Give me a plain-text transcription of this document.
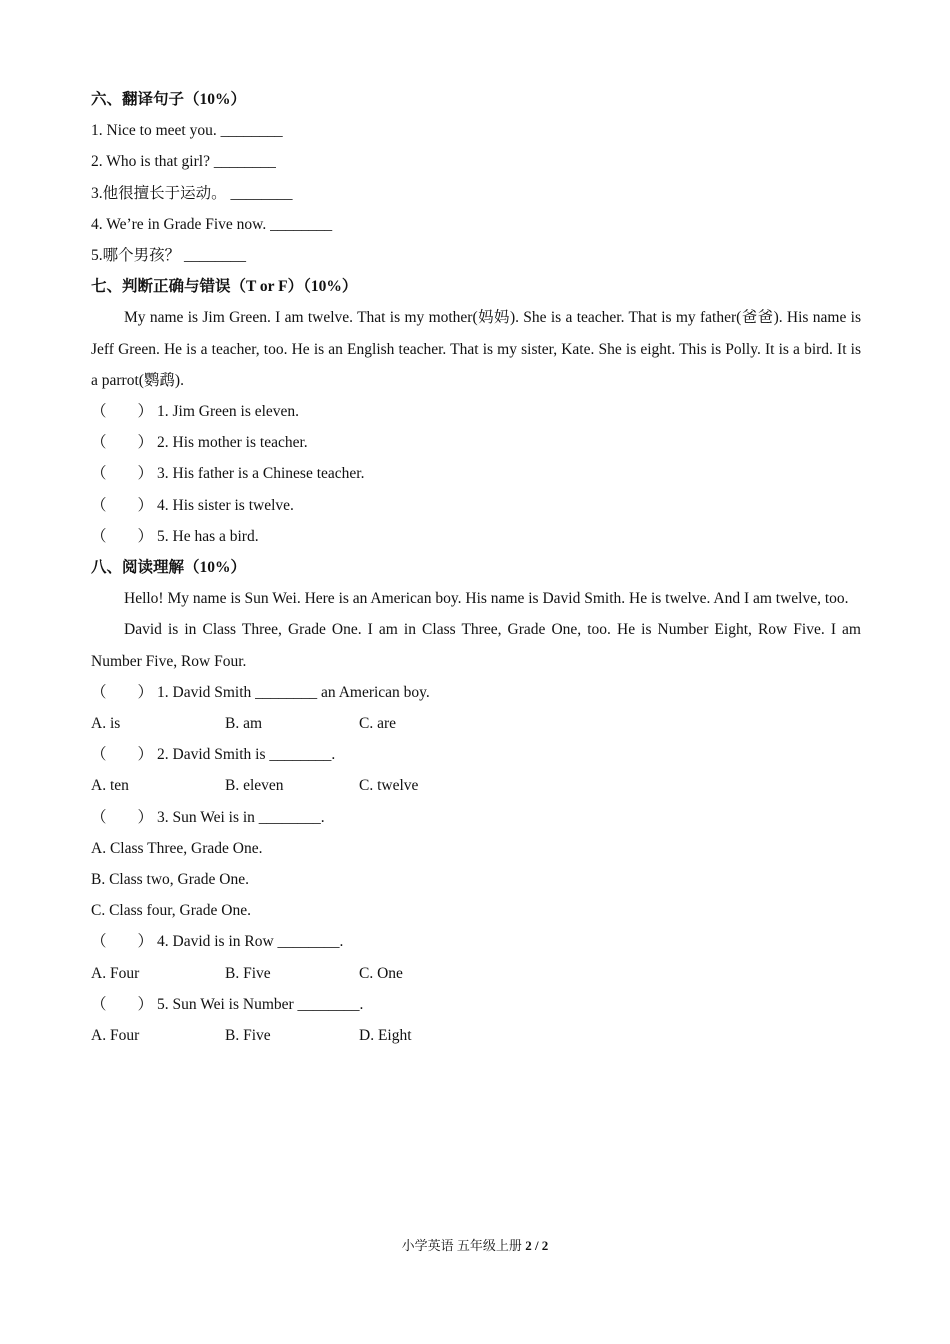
六、翻译句子（10%）
1. Nice to meet you. ________
2. Who is that girl? ________
3.他很擅长于运动。 ________
4. We’re in Grade Five now. ________
5.哪个男孩？ ________
七、判断正确与错误（T or F）（10%）
My name is Jim Green. I am twelve. That is my mother(妈妈). She is a teacher. That is my father(爸爸). His name is Jeff Green. He is a teacher, too. He is an English teacher. That is my sister, Kate. She is eight. This is Polly. It is a bird. It is a parrot(鹦鹉).
（　　） 1. Jim Green is eleven.
（　　） 2. His mother is teacher.
（　　） 3. His father is a Chinese teacher.
（　　） 4. His sister is twelve.
（　　） 5. He has a bird.
八、阅读理解（10%）
Hello! My name is Sun Wei. Here is an American boy. His name is David Smith. He is twelve. And I am twelve, too.
David is in Class Three, Grade One. I am in Class Three, Grade One, too. He is Number Eight, Row Five. I am Number Five, Row Four.
（　　） 1. David Smith ________ an American boy.
A. is	B. am	C. are
（　　） 2. David Smith is ________.
A. ten	B. eleven	C. twelve
（　　） 3. Sun Wei is in ________.
A. Class Three, Grade One.
B. Class two, Grade One.
C. Class four, Grade One.
（　　） 4. David is in Row ________.
A. Four	B. Five	C. One
（　　） 5. Sun Wei is Number ________.
A. Four	B. Five	D. Eight
小学英语 五年级上册 2 / 2
